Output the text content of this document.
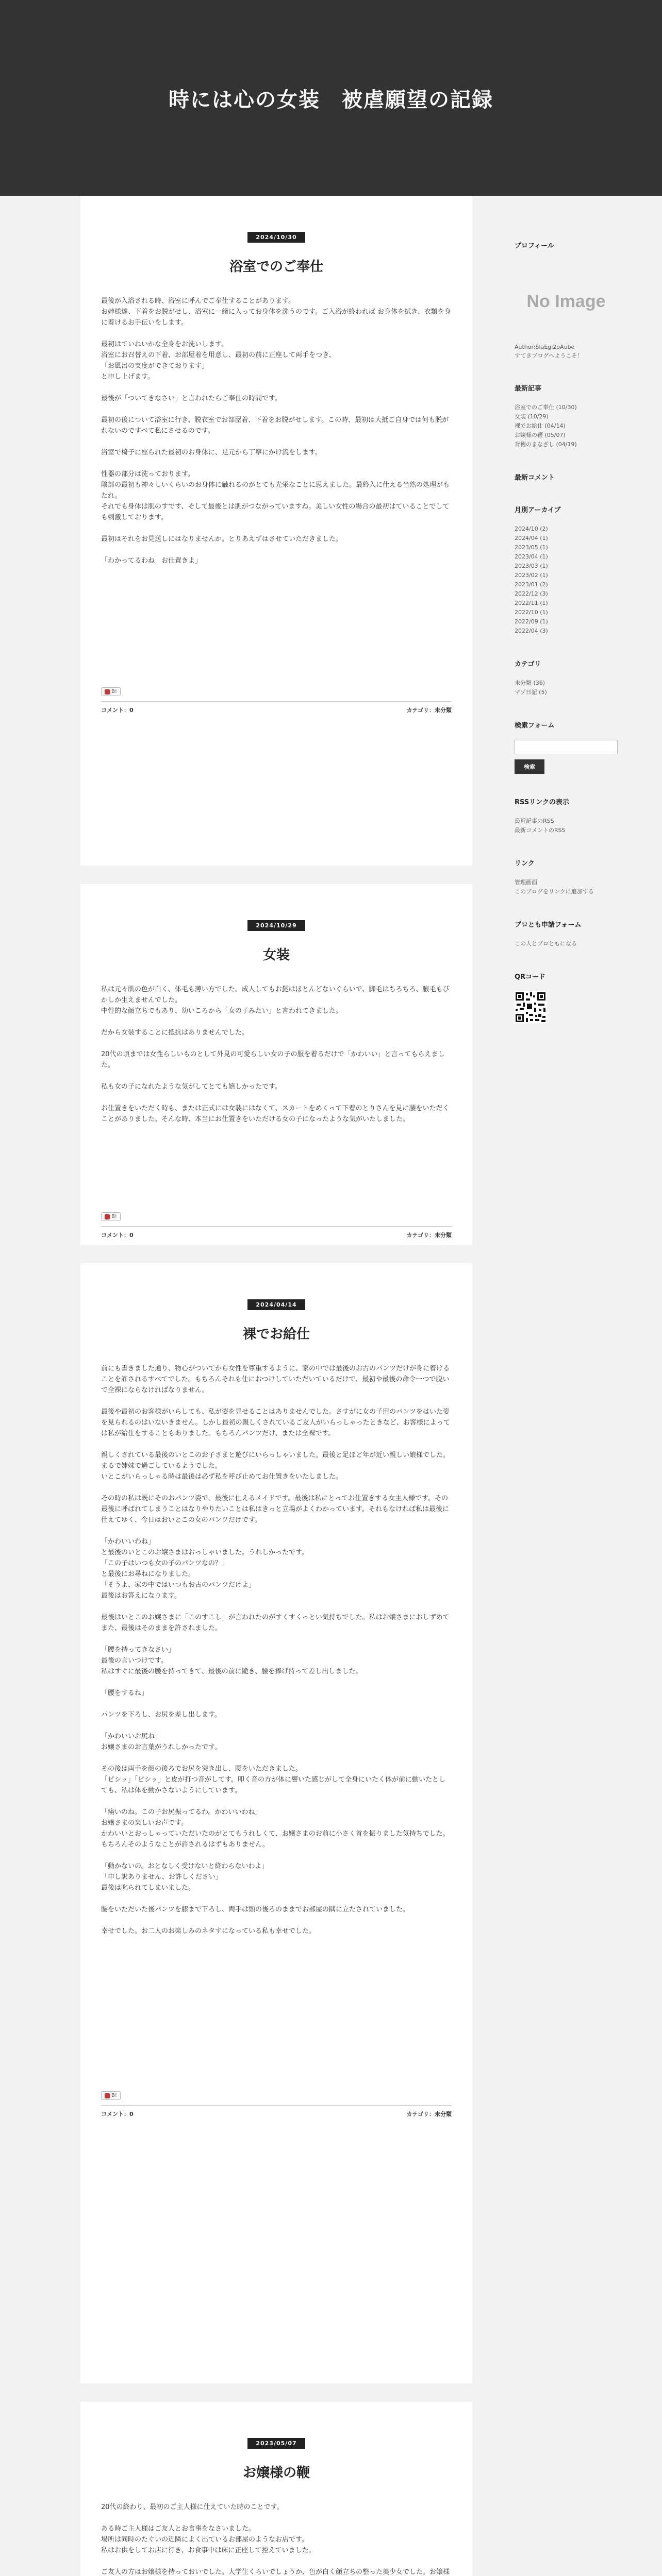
時には心の女装　被虐願望の記録
2024/10/30
浴室でのご奉仕

最後が入浴される時、浴室に呼んでご奉仕することがあります。
お姉様達、下着をお脱がせし、浴室に一緒に入ってお身体を洗うのです。ご入浴が終われば お身体を拭き、衣類を身に着けるお手伝いをします。

最初はていねいかな全身をお洗いします。
浴室にお召替えの下着、お部屋着を用意し、最初の前に正座して両手をつき、
「お風呂の支度ができております」
と申し上げます。

最後が「ついてきなさい」と言われたらご奉仕の時間です。

最初の後について浴室に行き、脱衣室でお部屋着、下着をお脱がせします。この時、最初は大抵ご自身では何も脱がれないのですべて私にさせるのです。

浴室で椅子に座られた最初のお身体に、足元から丁寧にかけ流をします。

性器の部分は洗っております。
陰部の最初も神々しいくらいのお身体に触れるのがとても光栄なことに思えました。最終入に仕える当然の処理がもたれ。
それでも身体は肌のすです、そして最後とは肌がつながっていますね。美しい女性の場合の最初はていることでしても刺激しております。

最初はそれをお見送しにはなりませんか。とりあえずはさせていただきました。

「わかってるわね　お仕置きよ」

B!
コメント：0	カテゴリ：未分類
2024/10/29
女装

私は元々肌の色が白く、体毛も薄い方でした。成人してもお髭はほとんどないぐらいで、脚毛はちろちろ、腋毛もぴかしか生えませんでした。
中性的な顔立ちでもあり、幼いころから「女の子みたい」と言われてきました。

だから女装することに抵抗はありませんでした。

20代の頃までは女性らしいものとして外見の可愛らしい女の子の服を着るだけで「かわいい」と言ってもらえました。

私も女の子になれたような気がしてとても嬉しかったです。

お仕置きをいただく時も、または正式には女装にはなくて、スカートをめくって下着のとりさんを見に腰をいただくことがありました。そんな時、本当にお仕置きをいただける女の子になったような気がいたしました。

B!
コメント：0	カテゴリ：未分類
2024/04/14
裸でお給仕

前にも書きました通り、物心がついてから女性を尊重するように、家の中では最後のお古のパンツだけが身に着けることを許されるすべてでした。もちろんそれも仕におつけしていただいているだけで、最初や最後の命令一つで脱いで全裸にならなければなりません。

最後や最初のお客様がいらしても、私が姿を見せることはありませんでした。さすがに女の子用のパンツをはいた姿を見られるのはいないきません。しかし最初の親しくされているご友人がいらっしゃったときなど、お客様によっては私が給仕をすることもありました。もちろんパンツだけ、または全裸です。

親しくされている最後のいとこのお子さまと遊びにいらっしゃいました。最後と足ほど年が近い親しい娘様でした。まるで姉妹で過ごしているようでした。
いとこがいらっしゃる時は最後は必ず私を呼び止めてお仕置きをいたしました。

その時の私は既にそのおパンツ姿で、最後に仕えるメイドです。最後は私にとってお仕置きする女主人様です。その最後に呼ばれてしまうことはなりやりたいことは私はきっと立場がよくわかっています。それもなければ私は最後に仕えてゆく、今日はおいとこの女のパンツだけです。

「かわいいわね」
と最後のいとこのお嬢さまはおっしゃいました。うれしかったです。
「この子はいつも女の子のパンツなの？」
と最後にお尋ねになりました。
「そうよ、家の中ではいつもお古のパンツだけよ」
最後はお答えになります。

最後はいとこのお嬢さまに「このすこし」が言われたのがすくすくっとい気持ちでした。私はお嬢さまにおしずめてまた、最後はそのままを許されました。

「腰を持ってきなさい」
最後の言いつけです。
私はすぐに最後の腰を持ってきて、最後の前に跪き、腰を捧げ持って差し出しました。

「腰をするね」

パンツを下ろし、お尻を差し出します。

「かわいいお尻ね」
お嬢さまのお言葉がうれしかったです。

その後は両手を顔の後ろでお尻を突き出し、腰をいただきました。
「ピシッ」「ピシッ」と皮が打つ音がしてす。叩く音の方が体に響いた感じがして全身にいたく体が前に動いたとしても、私は体を動かさないようにしています。

「痛いのね。この子お尻振ってるわ。かわいいわね」
お嬢さまの楽しいお声です。
かわいいとおっしゃっていただいたのがとてもうれしくて、お嬢さまのお前に小さく首を振りました気持ちでした。もちろんそのようなことが許されるはずもありません。

「動かないの。おとなしく受けないと終わらないわよ」
「申し訳ありません、お許しください」
最後は叱られてしまいました。

腰をいただいた後パンツを膝まで下ろし、両手は頭の後ろのままでお部屋の隅に立たされていました。

幸せでした。お二人のお楽しみのネタすになっている私も幸せでした。

B!
コメント：0	カテゴリ：未分類
2023/05/07
お嬢様の鞭

20代の終わり、最初のご主人様に仕えていた時のことです。

ある時ご主人様はご友人とお食事をなさいました。
場所は同時のたぐいの近隣によく出ているお部屋のようなお店です。
私はお供をしてお店に行き、お食事中は床に正座して控えていました。

ご友人の方はお嬢様を持っておいでした。大学生くらいでしょうか、色が白く顔立ちの整った美少女でした。お嬢様

プロフィール
No Image
Author:SlaEgi2oAube
すてきブログへようこそ！
最新記事
浴室でのご奉仕 (10/30)
女装 (10/29)
裸でお給仕 (04/14)
お嬢様の鞭 (05/07)
背徳のまなざし (04/19)
最新コメント
月別アーカイブ
2024/10 (2)
2024/04 (1)
2023/05 (1)
2023/04 (1)
2023/03 (1)
2023/02 (1)
2023/01 (2)
2022/12 (3)
2022/11 (1)
2022/10 (1)
2022/09 (1)
2022/04 (3)
カテゴリ
未分類 (36)
マゾ日記 (5)
検索フォーム
検索
RSSリンクの表示
最近記事のRSS
最新コメントのRSS
リンク
管理画面
このブログをリンクに追加する
ブロとも申請フォーム
この人とブロともになる
QRコード
